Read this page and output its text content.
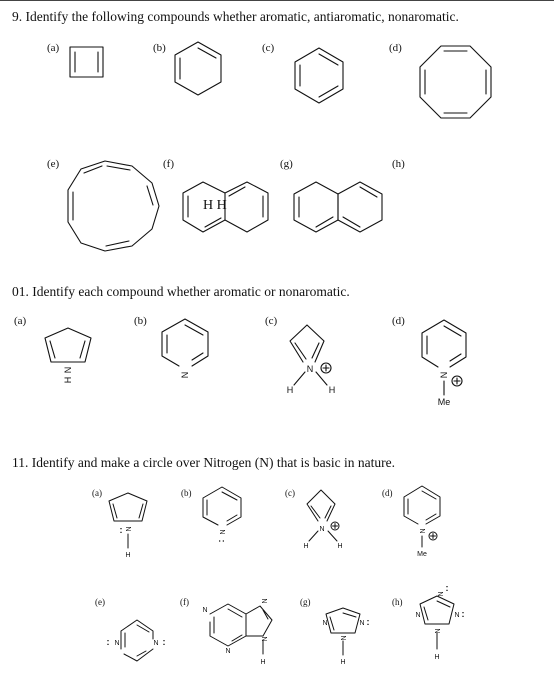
9. Identify the following compounds whether aromatic, antiaromatic, nonaromatic.
(a)	(b)	(c)	(d)
(e)	(f)	(g)	(h)
01. Identify each compound whether aromatic or nonaromatic.
(a)	(b)	(c)	(d)
11. Identify and make a circle over Nitrogen (N) that is basic in nature.
(a)	(b)	(c)	(d)
(e)	(f)	(g)	(h)
H H
N
H
N
N
H	H
N
Me
N
:
H
N
:
N
H	H
N
Me
N
:	N :
N
N
N
N
H
N	N :
N
H
N
:
N	N :
N
H
